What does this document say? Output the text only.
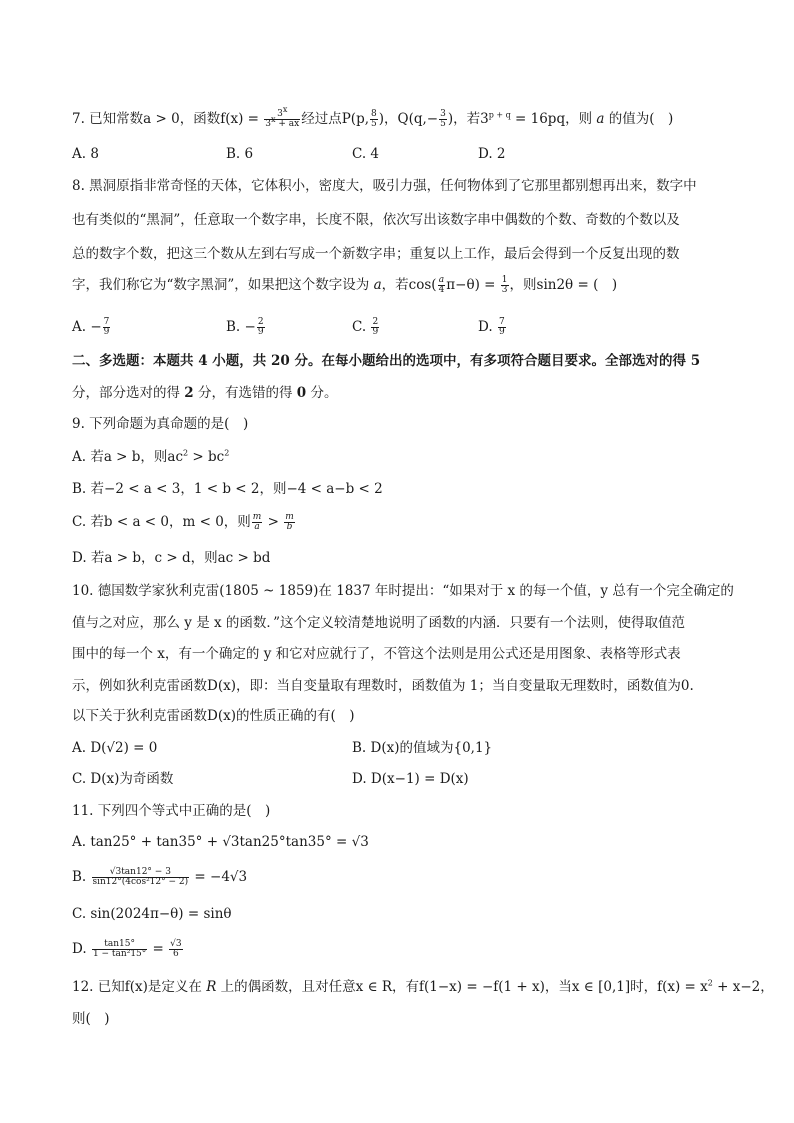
7. 已知常数a > 0，函数$f(x) = \frac{3^x}{3^x + ax}$ 经过点P(p, $\frac{8}{5}$ )，$Q(q,- \frac{3}{5}$ )，若$3^{p + q} = 16pq$，则 a 的值为(　)
A. 8	B. 6	C. 4	D. 2
8. 黑洞原指非常奇怪的天体，它体积小，密度大，吸引力强，任何物体到了它那里都别想再出来，数字中
也有类似的“黑洞”，任意取一个数字串，长度不限，依次写出该数字串中偶数的个数、奇数的个数以及
总的数字个数，把这三个数从左到右写成一个新数字串；重复以上工作，最后会得到一个反复出现的数
字，我们称它为“数字黑洞”，如果把这个数字设为 a，若$\cos( \frac{a}{4} \pi-\theta) = \frac{1}{3}$ ，则sin2θ = (　)
A. − $\frac{7}{9}$	B. − $\frac{2}{9}$	C. $\frac{2}{9}$	D. $\frac{7}{9}$
二、多选题：本题共 4 小题，共 20 分。在每小题给出的选项中，有多项符合题目要求。全部选对的得 5
分，部分选对的得 2 分，有选错的得 0 分。
9. 下列命题为真命题的是(　)
A. 若a > b，则$ac^2 > bc^2$
B. 若−2 < a < 3，1 < b < 2，则−4 < a−b < 2
C. 若b < a < 0，m < 0，则 $\frac{m}{a} > \frac{m}{b}$
D. 若a > b，c > d，则ac > bd
10. 德国数学家狄利克雷(1805 ~ 1859)在 1837 年时提出：“如果对于 x 的每一个值，y 总有一个完全确定的
值与之对应，那么 y 是 x 的函数．”这个定义较清楚地说明了函数的内涵．只要有一个法则，使得取值范
围中的每一个 x，有一个确定的 y 和它对应就行了，不管这个法则是用公式还是用图象、表格等形式表
示，例如狄利克雷函数D(x)，即：当自变量取有理数时，函数值为 1；当自变量取无理数时，函数值为0.
以下关于狄利克雷函数D(x)的性质正确的有(　)
A. D(√2) = 0	B. D(x)的值域为{0,1}
C. D(x)为奇函数	D. D(x−1) = D(x)
11. 下列四个等式中正确的是(　)
A. tan25° + tan35° + √3tan25°tan35° = √3
B. $\frac{√3\tan 12^\circ - 3}{\text{sin12°(4cos²12° − 2)}} = -4√3$
C. sin(2024π−θ) = sinθ
D. $\frac{\tan 15^\circ}{\text{1 − tan²15°}} = \frac{√3}{6}$
12. 已知f(x)是定义在 R 上的偶函数，且对任意x ∈ R，有f(1−x) = −f(1 + x)，当x ∈ [0,1]时，$f(x) = x^2 + x-2$，
则(　)
